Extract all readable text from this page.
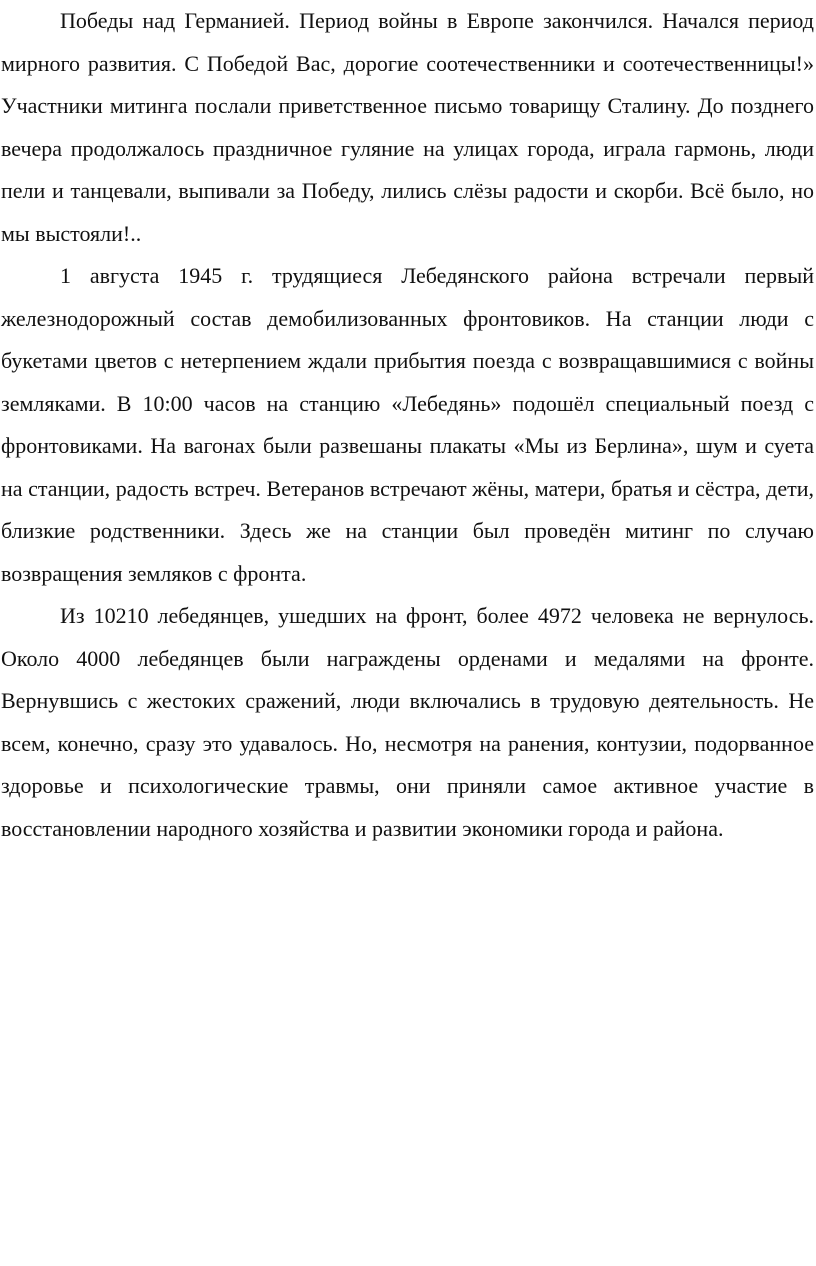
Победы над Германией. Период войны в Европе закончился. Начался период мирного развития. С Победой Вас, дорогие соотечественники и соотечественницы!» Участники митинга послали приветственное письмо товарищу Сталину. До позднего вечера продолжалось праздничное гуляние на улицах города, играла гармонь, люди пели и танцевали, выпивали за Победу, лились слёзы радости и скорби. Всё было, но мы выстояли!..

1 августа 1945 г. трудящиеся Лебедянского района встречали первый железнодорожный состав демобилизованных фронтовиков. На станции люди с букетами цветов с нетерпением ждали прибытия поезда с возвращавшимися с войны земляками. В 10:00 часов на станцию «Лебедянь» подошёл специальный поезд с фронтовиками. На вагонах были развешаны плакаты «Мы из Берлина», шум и суета на станции, радость встреч. Ветеранов встречают жёны, матери, братья и сёстра, дети, близкие родственники. Здесь же на станции был проведён митинг по случаю возвращения земляков с фронта.

Из 10210 лебедянцев, ушедших на фронт, более 4972 человека не вернулось. Около 4000 лебедянцев были награждены орденами и медалями на фронте. Вернувшись с жестоких сражений, люди включались в трудовую деятельность. Не всем, конечно, сразу это удавалось. Но, несмотря на ранения, контузии, подорванное здоровье и психологические травмы, они приняли самое активное участие в восстановлении народного хозяйства и развитии экономики города и района.
